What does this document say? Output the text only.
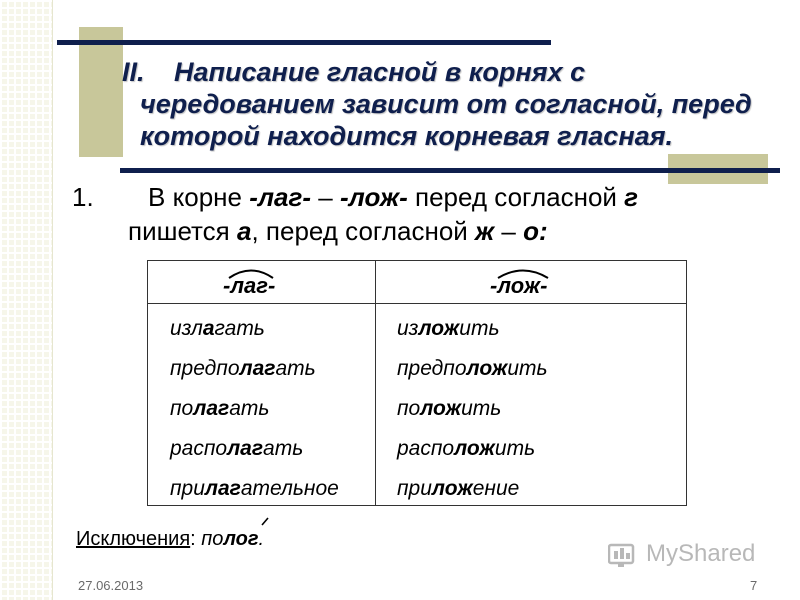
II. Написание гласной в корнях с
чередованием зависит от согласной, перед
которой находится корневая гласная.
1. В корне -лаг- – -лож- перед согласной г
пишется а, перед согласной ж – о:
-лаг-	-лож-
излагать
предполагать
полагать
располагать
прилагательное
изложить
предположить
положить
расположить
приложение
Исключения: полог.
MyShared
27.06.2013	7
